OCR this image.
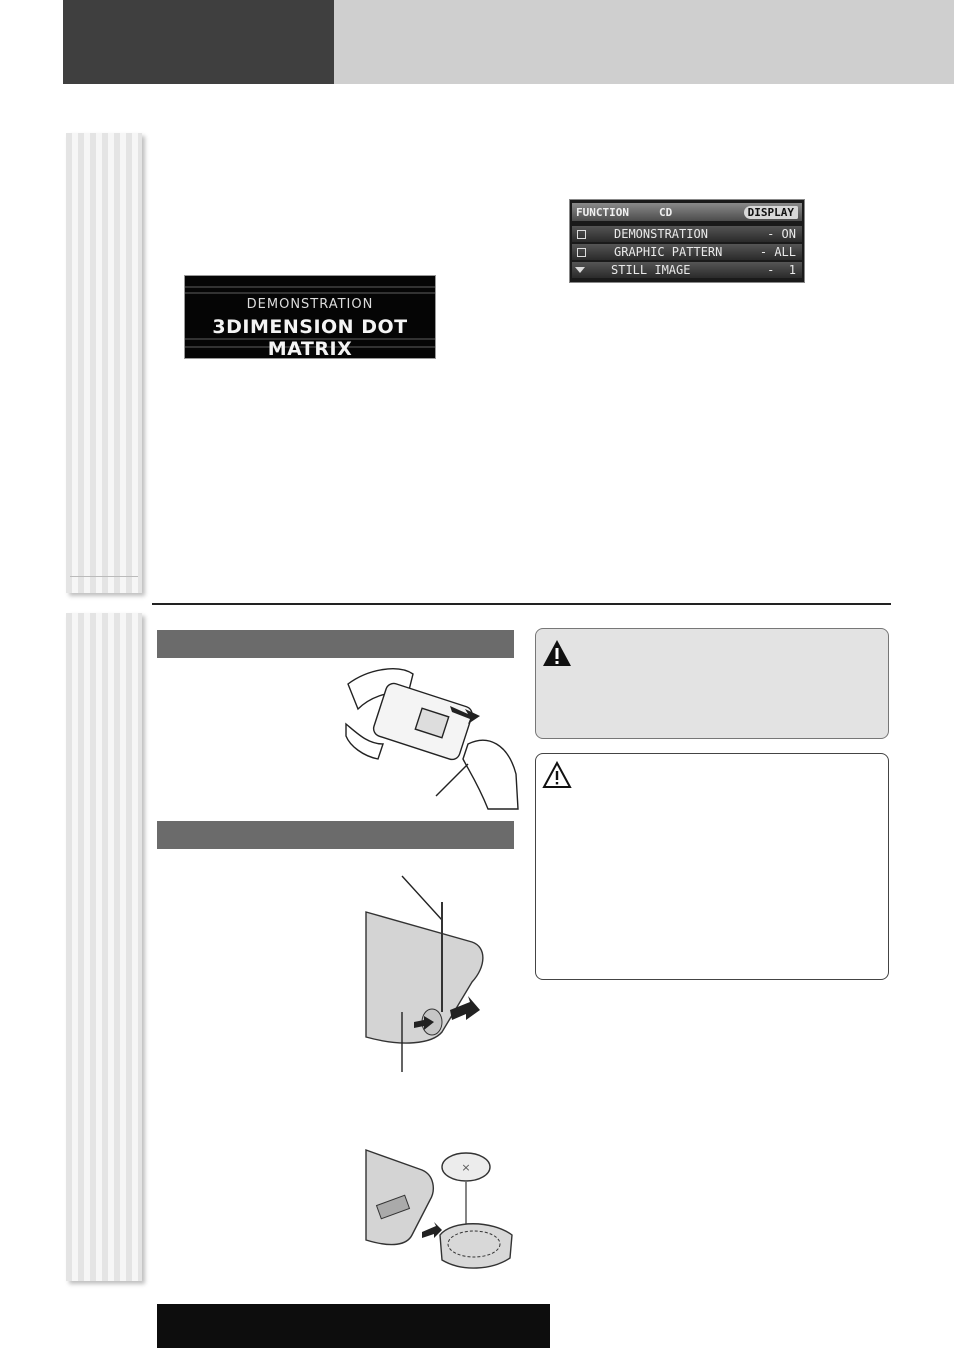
DEMONSTRATION
3DIMENSION DOT MATRIX
FUNCTION	CD	DISPLAY
DEMONSTRATION	- ON
GRAPHIC PATTERN	- ALL
STILL IMAGE	-  1
×
